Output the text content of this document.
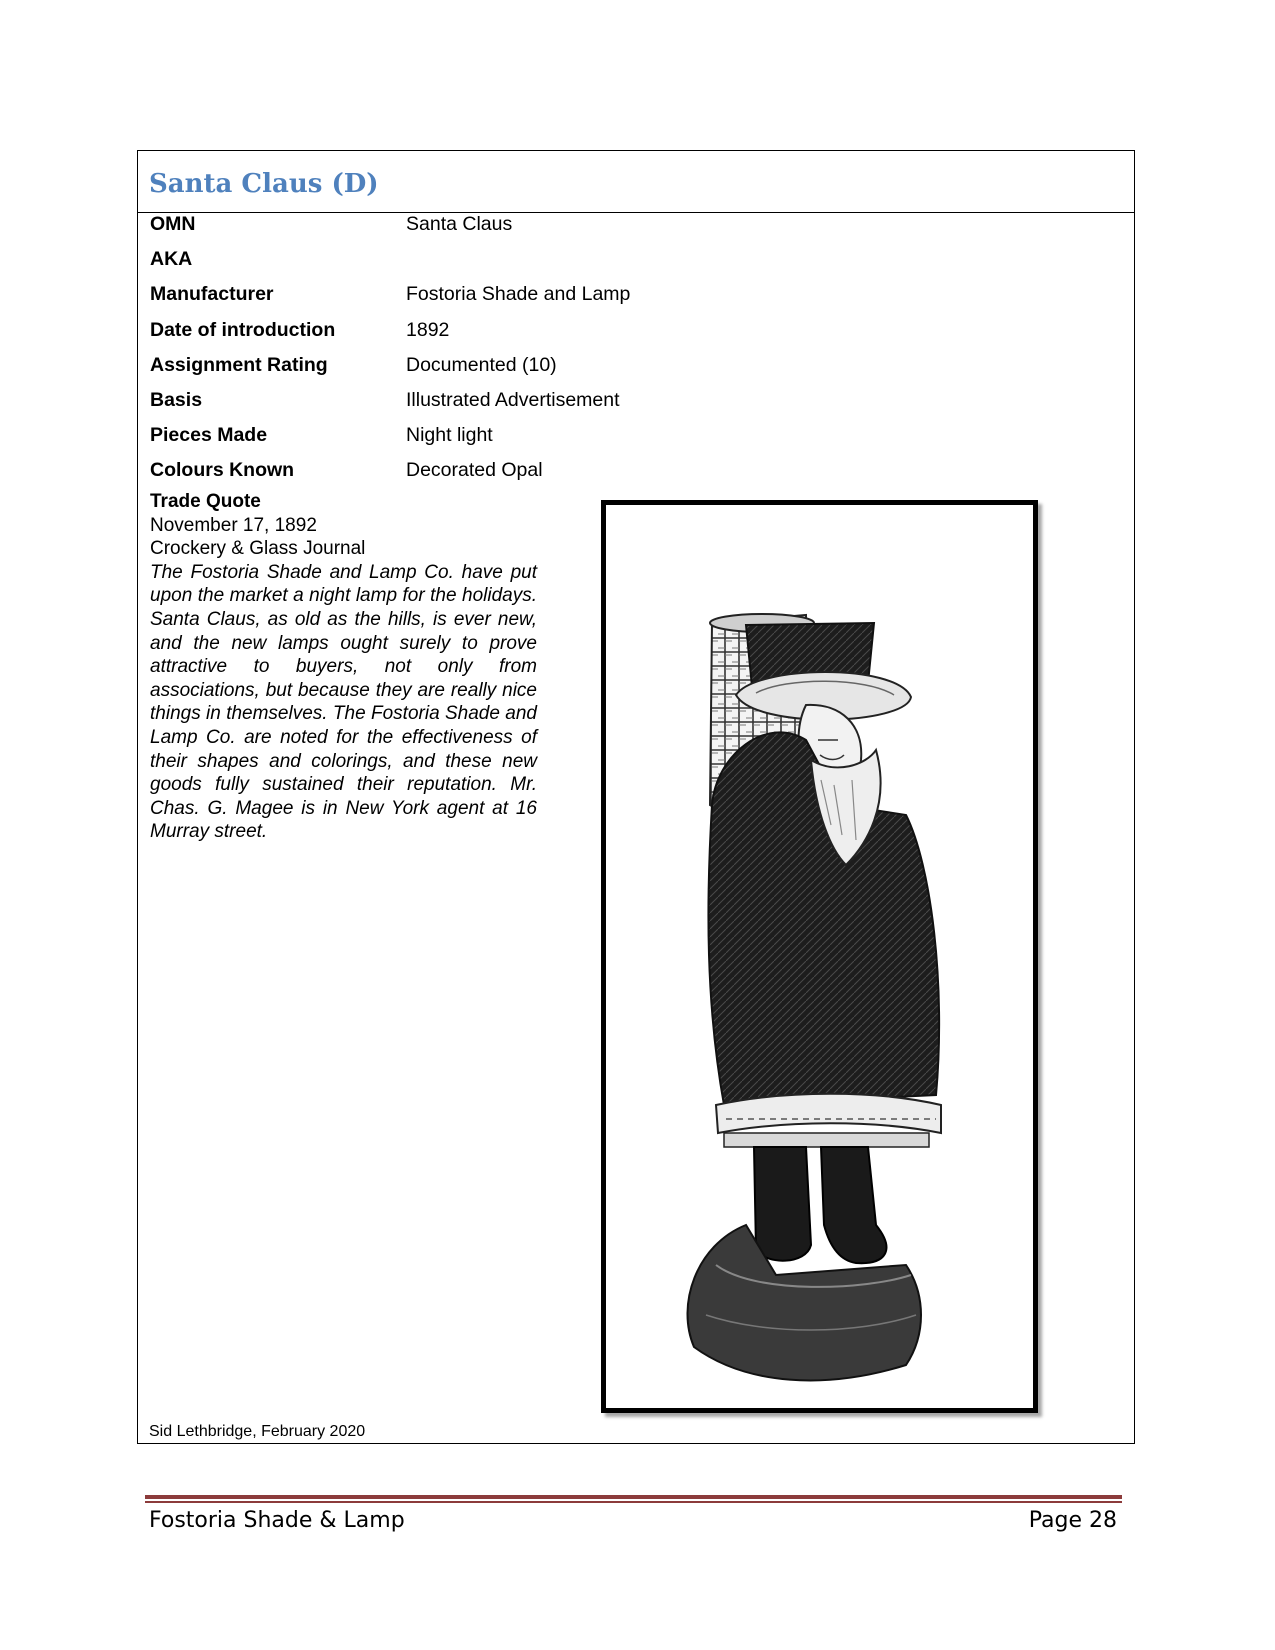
Santa Claus (D)
OMN	Santa Claus
AKA
Manufacturer	Fostoria Shade and Lamp
Date of introduction	1892
Assignment Rating	Documented (10)
Basis	Illustrated Advertisement
Pieces Made	Night light
Colours Known	Decorated Opal
Trade Quote
November 17, 1892
Crockery & Glass Journal

The Fostoria Shade and Lamp Co. have put upon the market a night lamp for the holidays. Santa Claus, as old as the hills, is ever new, and the new lamps ought surely to prove attractive to buyers, not only from associations, but because they are really nice things in themselves. The Fostoria Shade and Lamp Co. are noted for the effectiveness of their shapes and colorings, and these new goods fully sustained their reputation. Mr. Chas. G. Magee is in New York agent at 16 Murray street.

Sid Lethbridge, February 2020
Fostoria Shade & Lamp	Page 28
